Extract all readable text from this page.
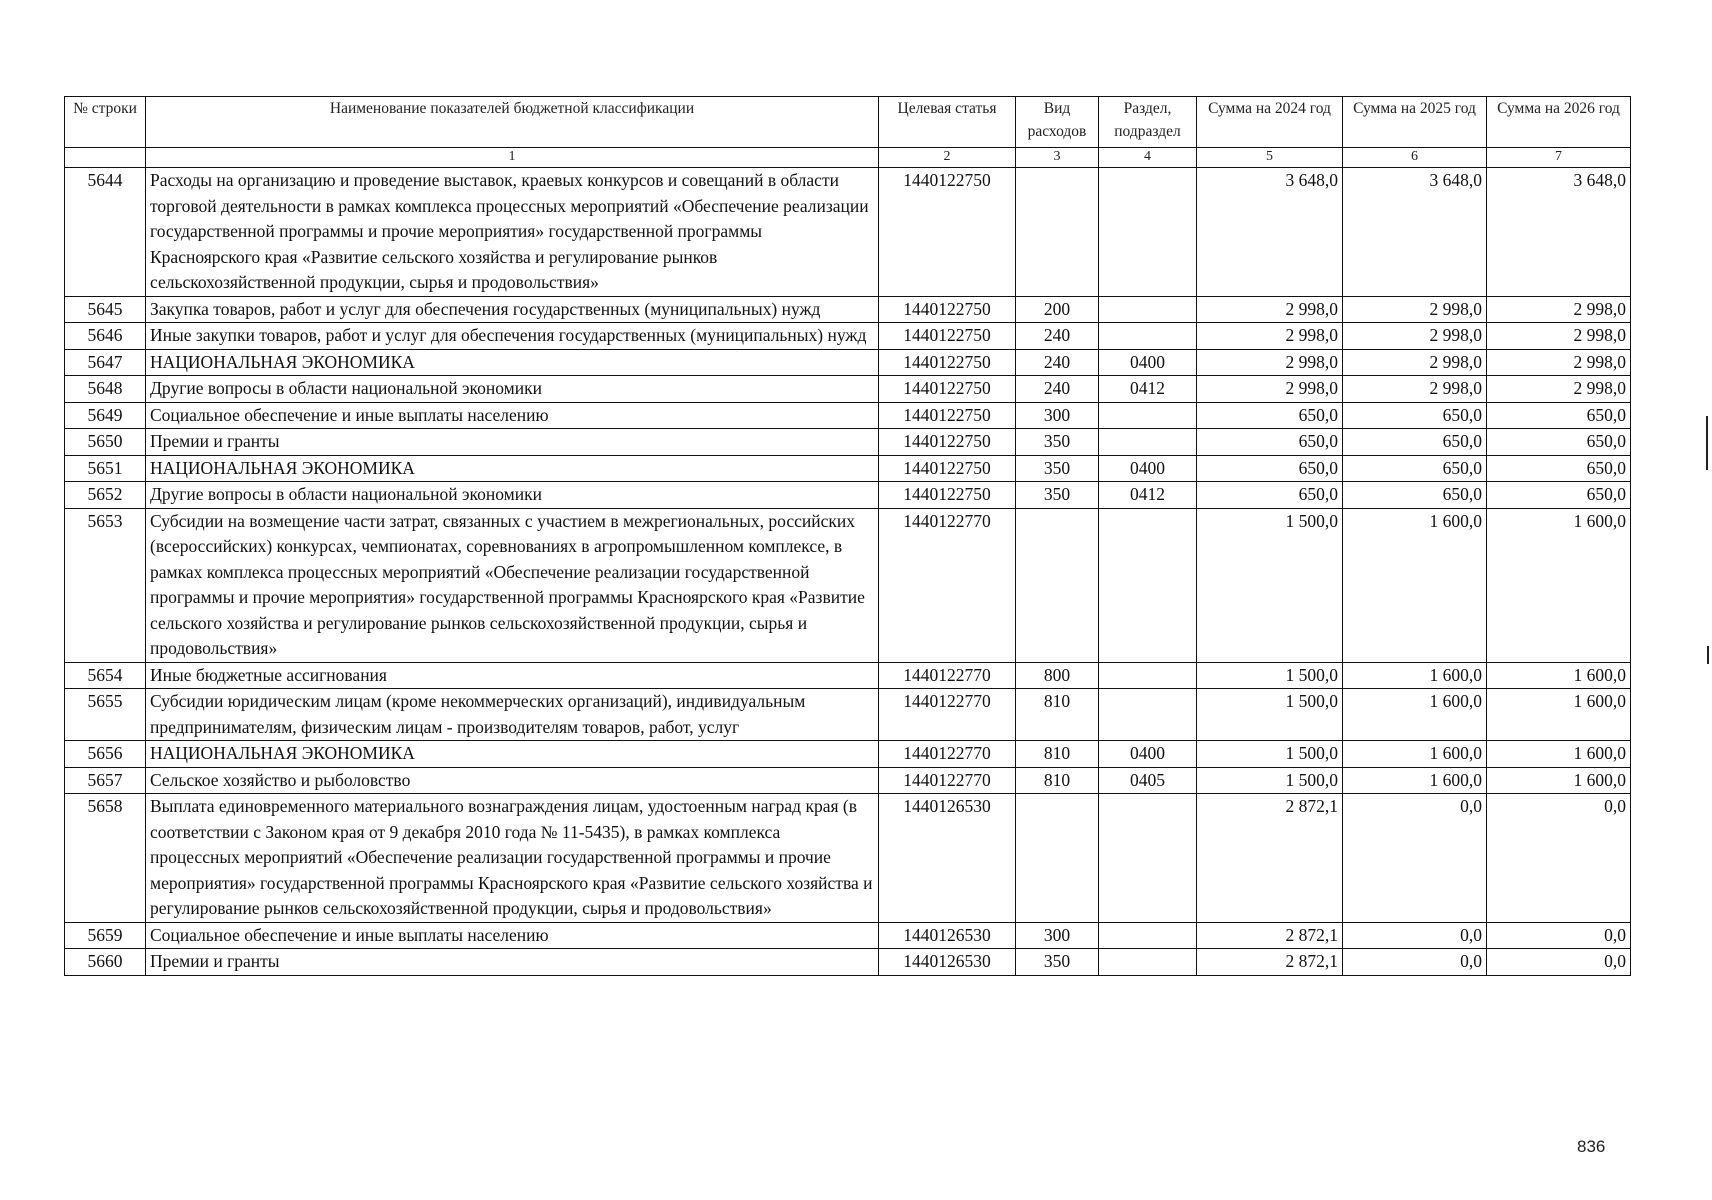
№ строки	Наименование показателей бюджетной классификации	Целевая статья	Вид расходов	Раздел, подраздел	Сумма на 2024 год	Сумма на 2025 год	Сумма на 2026 год
	1	2	3	4	5	6	7
5644	Расходы на организацию и проведение выставок, краевых конкурсов и совещаний в области торговой деятельности в рамках комплекса процессных мероприятий «Обеспечение реализации государственной программы и прочие мероприятия» государственной программы Красноярского края «Развитие сельского хозяйства и регулирование рынков сельскохозяйственной продукции, сырья и продовольствия»	1440122750			3 648,0	3 648,0	3 648,0
5645	Закупка товаров, работ и услуг для обеспечения государственных (муниципальных) нужд	1440122750	200		2 998,0	2 998,0	2 998,0
5646	Иные закупки товаров, работ и услуг для обеспечения государственных (муниципальных) нужд	1440122750	240		2 998,0	2 998,0	2 998,0
5647	НАЦИОНАЛЬНАЯ ЭКОНОМИКА	1440122750	240	0400	2 998,0	2 998,0	2 998,0
5648	Другие вопросы в области национальной экономики	1440122750	240	0412	2 998,0	2 998,0	2 998,0
5649	Социальное обеспечение и иные выплаты населению	1440122750	300		650,0	650,0	650,0
5650	Премии и гранты	1440122750	350		650,0	650,0	650,0
5651	НАЦИОНАЛЬНАЯ ЭКОНОМИКА	1440122750	350	0400	650,0	650,0	650,0
5652	Другие вопросы в области национальной экономики	1440122750	350	0412	650,0	650,0	650,0
5653	Субсидии на возмещение части затрат, связанных с участием в межрегиональных, российских (всероссийских) конкурсах, чемпионатах, соревнованиях в агропромышленном комплексе, в рамках комплекса процессных мероприятий «Обеспечение реализации государственной программы и прочие мероприятия» государственной программы Красноярского края «Развитие сельского хозяйства и регулирование рынков сельскохозяйственной продукции, сырья и продовольствия»	1440122770			1 500,0	1 600,0	1 600,0
5654	Иные бюджетные ассигнования	1440122770	800		1 500,0	1 600,0	1 600,0
5655	Субсидии юридическим лицам (кроме некоммерческих организаций), индивидуальным предпринимателям, физическим лицам - производителям товаров, работ, услуг	1440122770	810		1 500,0	1 600,0	1 600,0
5656	НАЦИОНАЛЬНАЯ ЭКОНОМИКА	1440122770	810	0400	1 500,0	1 600,0	1 600,0
5657	Сельское хозяйство и рыболовство	1440122770	810	0405	1 500,0	1 600,0	1 600,0
5658	Выплата единовременного материального вознаграждения лицам, удостоенным наград края (в соответствии с Законом края от 9 декабря 2010 года № 11-5435), в рамках комплекса процессных мероприятий «Обеспечение реализации государственной программы и прочие мероприятия» государственной программы Красноярского края «Развитие сельского хозяйства и регулирование рынков сельскохозяйственной продукции, сырья и продовольствия»	1440126530			2 872,1	0,0	0,0
5659	Социальное обеспечение и иные выплаты населению	1440126530	300		2 872,1	0,0	0,0
5660	Премии и гранты	1440126530	350		2 872,1	0,0	0,0
836
